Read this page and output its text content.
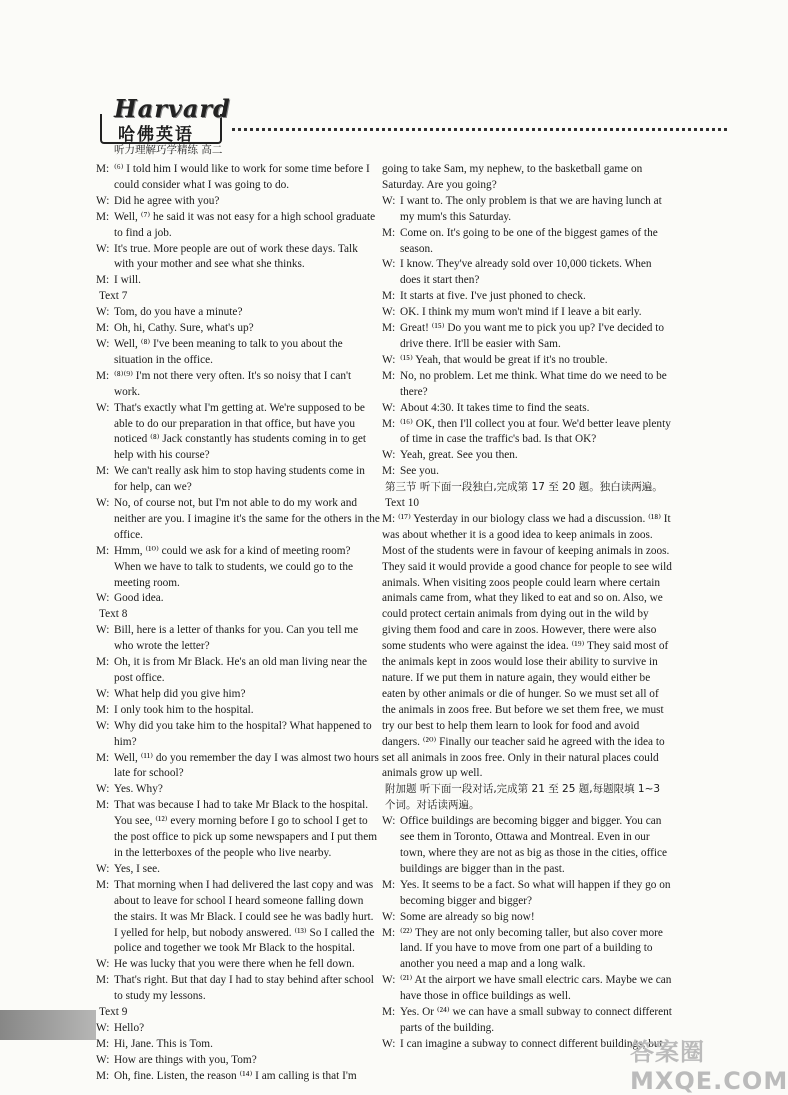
Harvard
哈佛英语
听力理解巧学精练 高二
M: ⁽⁶⁾ I told him I would like to work for some time before I could consider what I was going to do.
W: Did he agree with you?
M: Well, ⁽⁷⁾ he said it was not easy for a high school graduate to find a job.
W: It's true. More people are out of work these days. Talk with your mother and see what she thinks.
M: I will.
Text 7
W: Tom, do you have a minute?
M: Oh, hi, Cathy. Sure, what's up?
W: Well, ⁽⁸⁾ I've been meaning to talk to you about the situation in the office.
M: ⁽⁸⁾⁽⁹⁾ I'm not there very often. It's so noisy that I can't work.
W: That's exactly what I'm getting at. We're supposed to be able to do our preparation in that office, but have you noticed ⁽⁸⁾ Jack constantly has students coming in to get help with his course?
M: We can't really ask him to stop having students come in for help, can we?
W: No, of course not, but I'm not able to do my work and neither are you. I imagine it's the same for the others in the office.
M: Hmm, ⁽¹⁰⁾ could we ask for a kind of meeting room? When we have to talk to students, we could go to the meeting room.
W: Good idea.
Text 8
W: Bill, here is a letter of thanks for you. Can you tell me who wrote the letter?
M: Oh, it is from Mr Black. He's an old man living near the post office.
W: What help did you give him?
M: I only took him to the hospital.
W: Why did you take him to the hospital? What happened to him?
M: Well, ⁽¹¹⁾ do you remember the day I was almost two hours late for school?
W: Yes. Why?
M: That was because I had to take Mr Black to the hospital. You see, ⁽¹²⁾ every morning before I go to school I get to the post office to pick up some newspapers and I put them in the letterboxes of the people who live nearby.
W: Yes, I see.
M: That morning when I had delivered the last copy and was about to leave for school I heard someone falling down the stairs. It was Mr Black. I could see he was badly hurt. I yelled for help, but nobody answered. ⁽¹³⁾ So I called the police and together we took Mr Black to the hospital.
W: He was lucky that you were there when he fell down.
M: That's right. But that day I had to stay behind after school to study my lessons.
Text 9
W: Hello?
M: Hi, Jane. This is Tom.
W: How are things with you, Tom?
M: Oh, fine. Listen, the reason ⁽¹⁴⁾ I am calling is that I'm
going to take Sam, my nephew, to the basketball game on Saturday. Are you going?
W: I want to. The only problem is that we are having lunch at my mum's this Saturday.
M: Come on. It's going to be one of the biggest games of the season.
W: I know. They've already sold over 10,000 tickets. When does it start then?
M: It starts at five. I've just phoned to check.
W: OK. I think my mum won't mind if I leave a bit early.
M: Great! ⁽¹⁵⁾ Do you want me to pick you up? I've decided to drive there. It'll be easier with Sam.
W: ⁽¹⁵⁾ Yeah, that would be great if it's no trouble.
M: No, no problem. Let me think. What time do we need to be there?
W: About 4:30. It takes time to find the seats.
M: ⁽¹⁶⁾ OK, then I'll collect you at four. We'd better leave plenty of time in case the traffic's bad. Is that OK?
W: Yeah, great. See you then.
M: See you.
第三节 听下面一段独白,完成第 17 至 20 题。独白读两遍。
Text 10
M: ⁽¹⁷⁾ Yesterday in our biology class we had a discussion. ⁽¹⁸⁾ It was about whether it is a good idea to keep animals in zoos. Most of the students were in favour of keeping animals in zoos. They said it would provide a good chance for people to see wild animals. When visiting zoos people could learn where certain animals came from, what they liked to eat and so on. Also, we could protect certain animals from dying out in the wild by giving them food and care in zoos. However, there were also some students who were against the idea. ⁽¹⁹⁾ They said most of the animals kept in zoos would lose their ability to survive in nature. If we put them in nature again, they would either be eaten by other animals or die of hunger. So we must set all of the animals in zoos free. But before we set them free, we must try our best to help them learn to look for food and avoid dangers. ⁽²⁰⁾ Finally our teacher said he agreed with the idea to set all animals in zoos free. Only in their natural places could animals grow up well.
附加题 听下面一段对话,完成第 21 至 25 题,每题限填 1~3 个词。对话读两遍。
W: Office buildings are becoming bigger and bigger. You can see them in Toronto, Ottawa and Montreal. Even in our town, where they are not as big as those in the cities, office buildings are bigger than in the past.
M: Yes. It seems to be a fact. So what will happen if they go on becoming bigger and bigger?
W: Some are already so big now!
M: ⁽²²⁾ They are not only becoming taller, but also cover more land. If you have to move from one part of a building to another you need a map and a long walk.
W: ⁽²¹⁾ At the airport we have small electric cars. Maybe we can have those in office buildings as well.
M: Yes. Or ⁽²⁴⁾ we can have a small subway to connect different parts of the building.
W: I can imagine a subway to connect different buildings, but
答案圈 MXQE.COM
